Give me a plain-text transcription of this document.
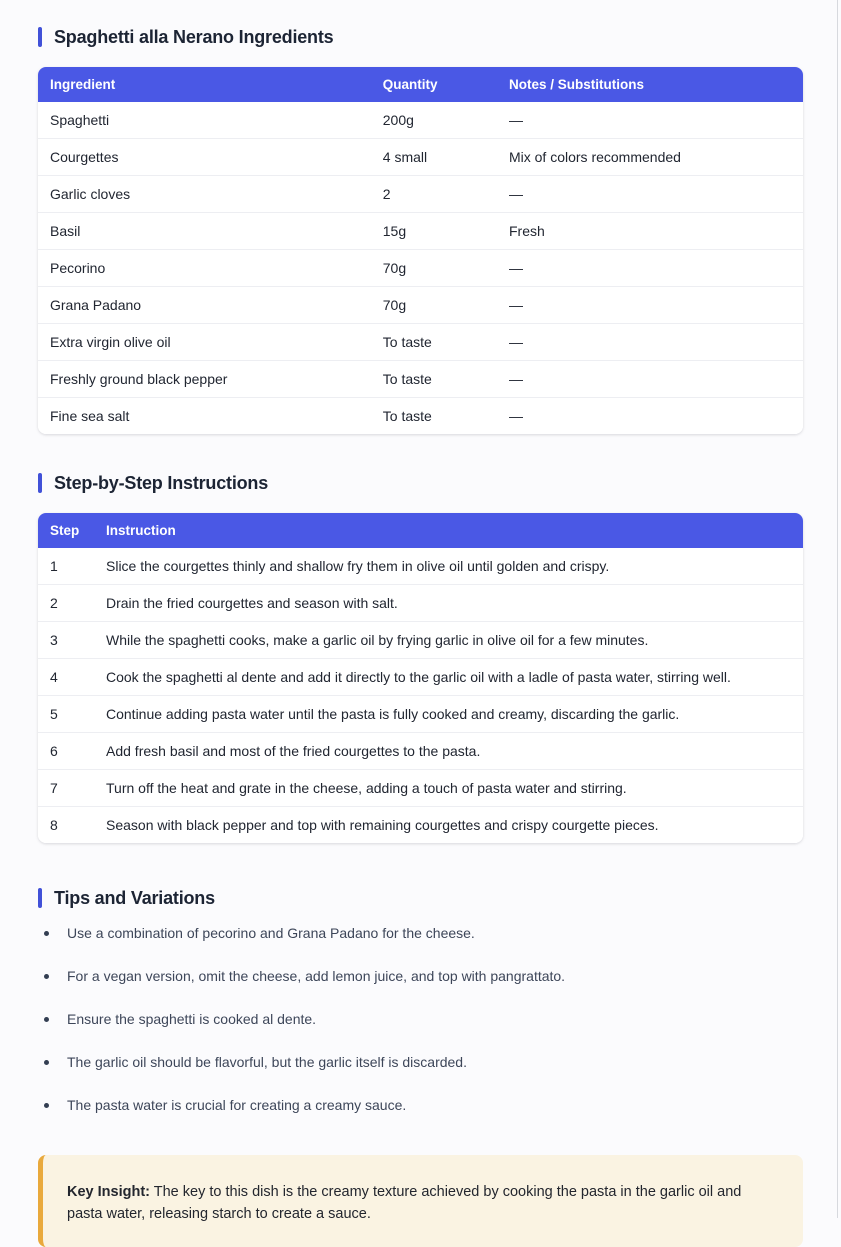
Spaghetti alla Nerano Ingredients
Ingredient	Quantity	Notes / Substitutions
Spaghetti	200g	—
Courgettes	4 small	Mix of colors recommended
Garlic cloves	2	—
Basil	15g	Fresh
Pecorino	70g	—
Grana Padano	70g	—
Extra virgin olive oil	To taste	—
Freshly ground black pepper	To taste	—
Fine sea salt	To taste	—
Step-by-Step Instructions
Step	Instruction
1	Slice the courgettes thinly and shallow fry them in olive oil until golden and crispy.
2	Drain the fried courgettes and season with salt.
3	While the spaghetti cooks, make a garlic oil by frying garlic in olive oil for a few minutes.
4	Cook the spaghetti al dente and add it directly to the garlic oil with a ladle of pasta water, stirring well.
5	Continue adding pasta water until the pasta is fully cooked and creamy, discarding the garlic.
6	Add fresh basil and most of the fried courgettes to the pasta.
7	Turn off the heat and grate in the cheese, adding a touch of pasta water and stirring.
8	Season with black pepper and top with remaining courgettes and crispy courgette pieces.
Tips and Variations
Use a combination of pecorino and Grana Padano for the cheese.
For a vegan version, omit the cheese, add lemon juice, and top with pangrattato.
Ensure the spaghetti is cooked al dente.
The garlic oil should be flavorful, but the garlic itself is discarded.
The pasta water is crucial for creating a creamy sauce.
Key Insight: The key to this dish is the creamy texture achieved by cooking the pasta in the garlic oil and pasta water, releasing starch to create a sauce.
